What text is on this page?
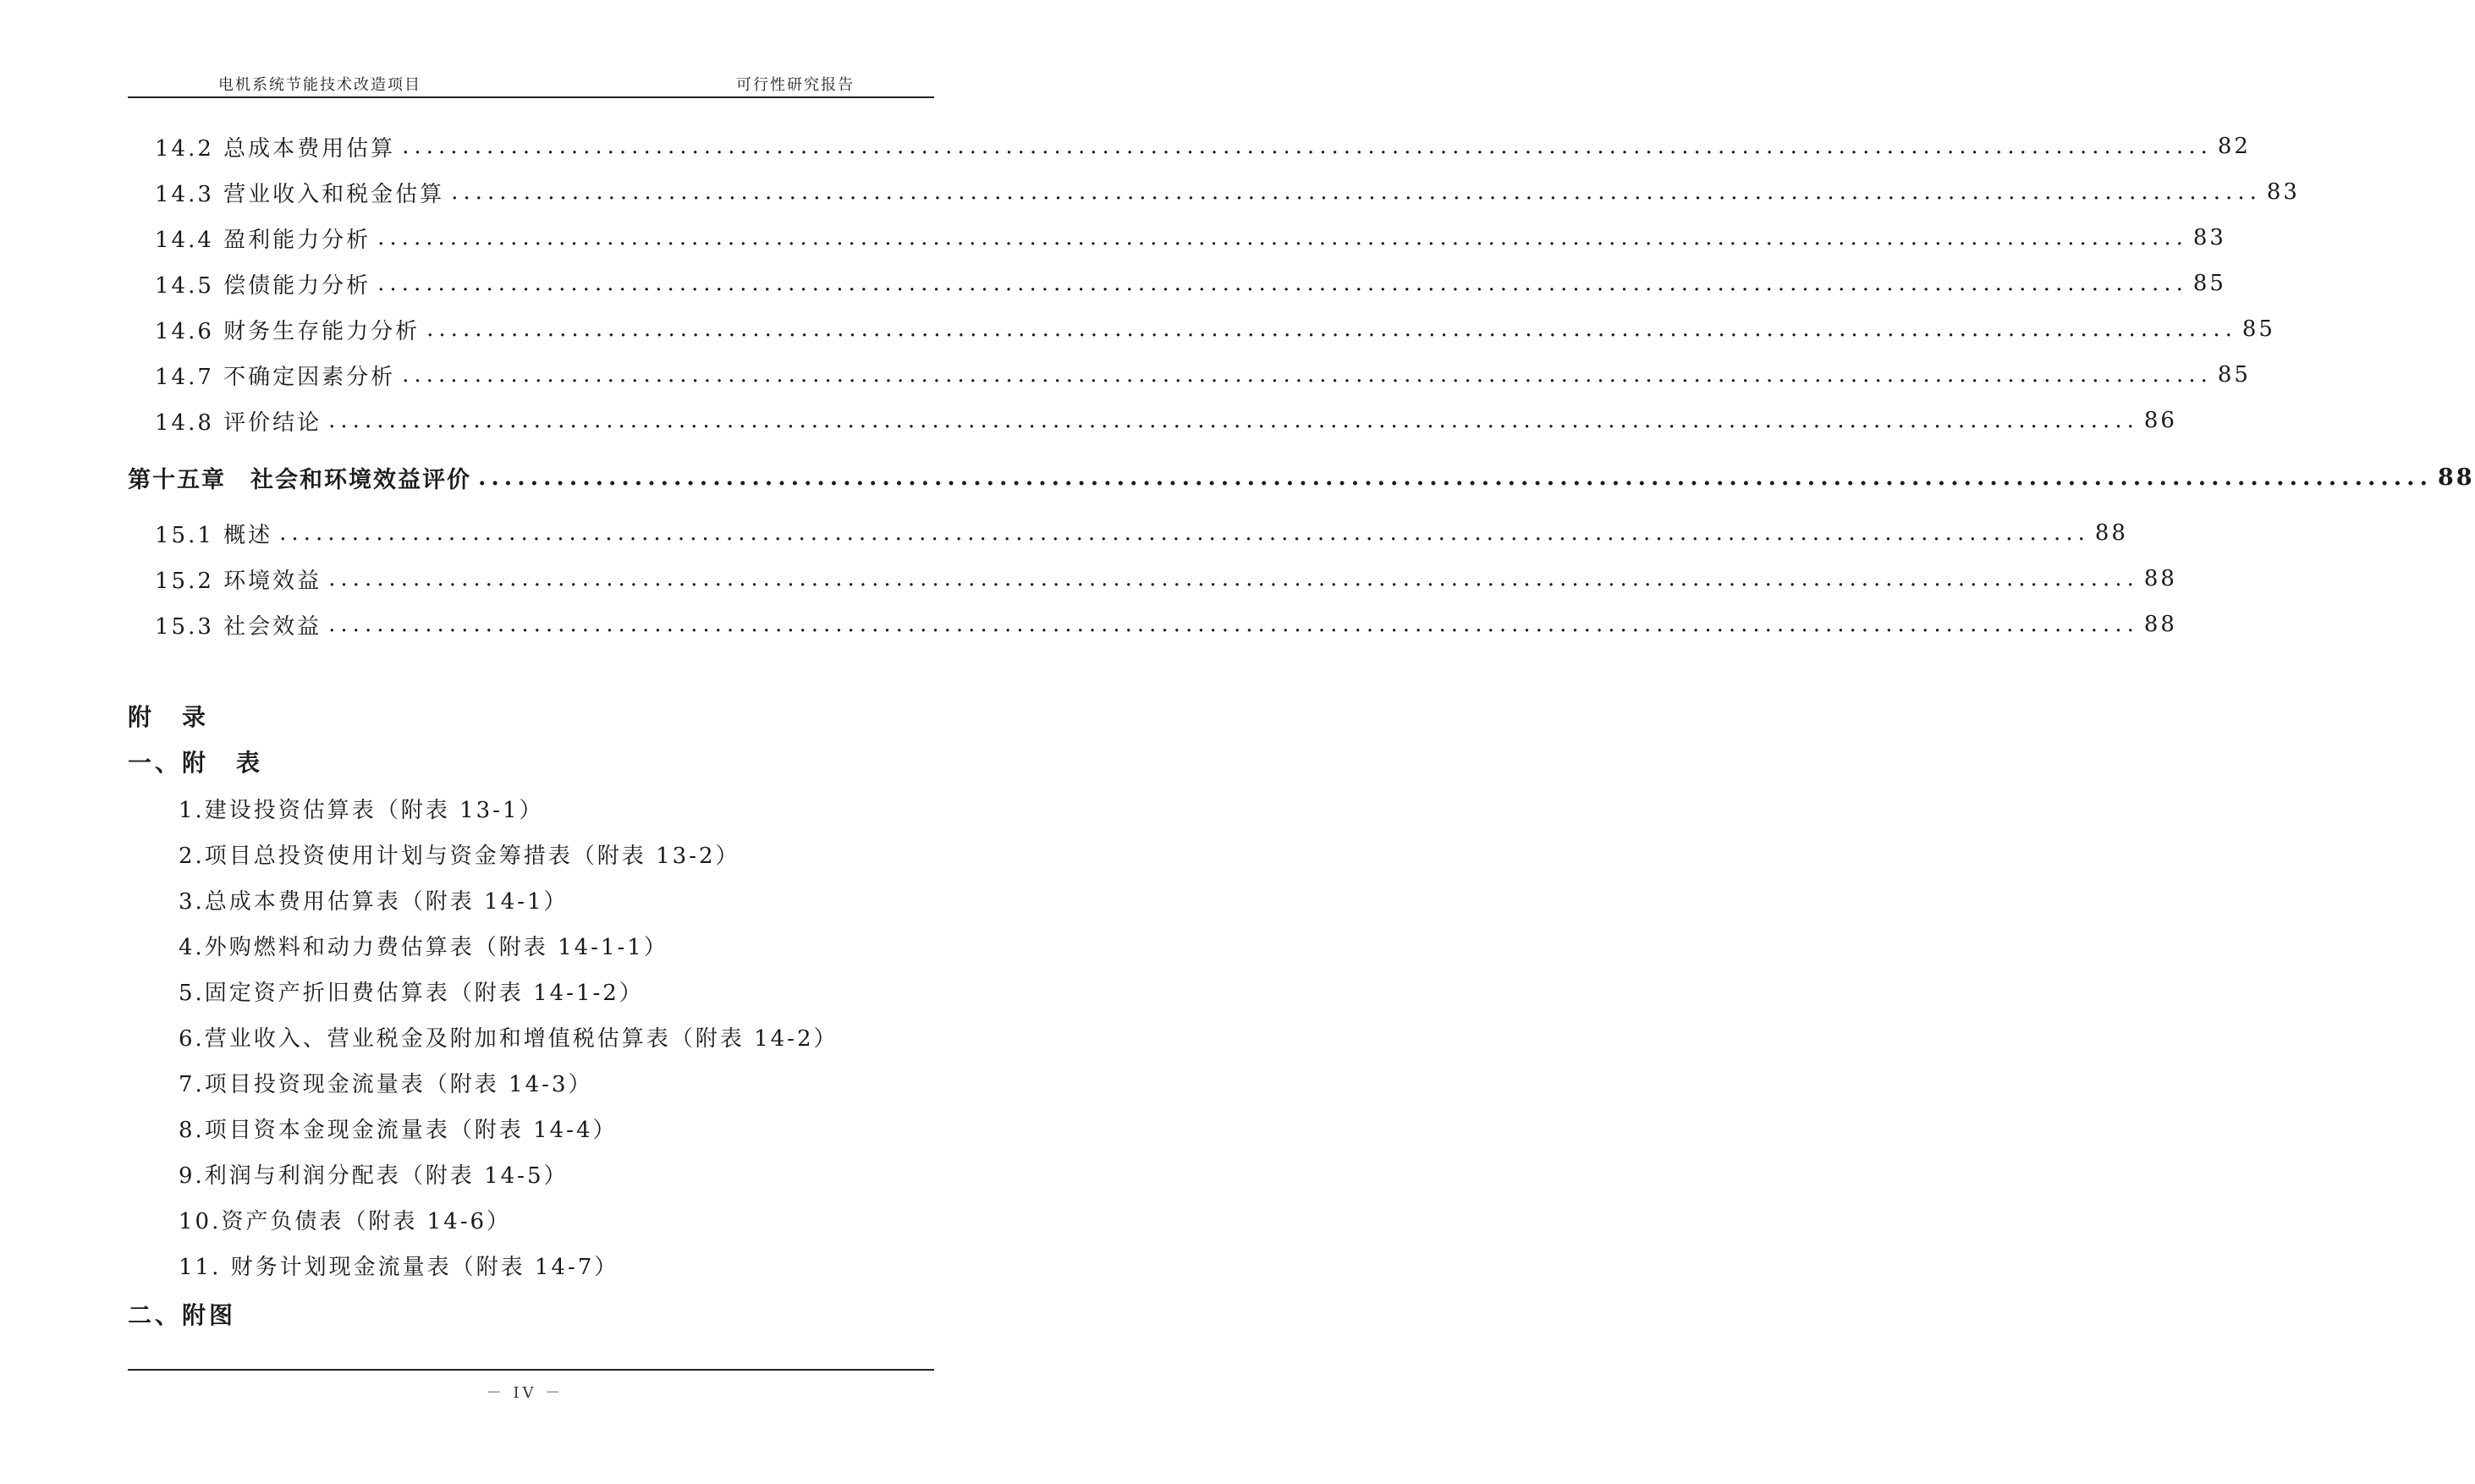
电机系统节能技术改造项目	可行性研究报告
14.2 总成本费用估算 ...................................................................................................................................................... 82
14.3 营业收入和税金估算 ...................................................................................................................................................... 83
14.4 盈利能力分析 ...................................................................................................................................................... 83
14.5 偿债能力分析 ...................................................................................................................................................... 85
14.6 财务生存能力分析 ...................................................................................................................................................... 85
14.7 不确定因素分析 ...................................................................................................................................................... 85
14.8 评价结论 ...................................................................................................................................................... 86
第十五章　社会和环境效益评价 ...................................................................................................................................................... 88
15.1 概述 ...................................................................................................................................................... 88
15.2 环境效益 ...................................................................................................................................................... 88
15.3 社会效益 ...................................................................................................................................................... 88
附　录
一、附　表
1.建设投资估算表（附表 13-1）
2.项目总投资使用计划与资金筹措表（附表 13-2）
3.总成本费用估算表（附表 14-1）
4.外购燃料和动力费估算表（附表 14-1-1）
5.固定资产折旧费估算表（附表 14-1-2）
6.营业收入、营业税金及附加和增值税估算表（附表 14-2）
7.项目投资现金流量表（附表 14-3）
8.项目资本金现金流量表（附表 14-4）
9.利润与利润分配表（附表 14-5）
10.资产负债表（附表 14-6）
11. 财务计划现金流量表（附表 14-7）
二、附图
－ IV －
